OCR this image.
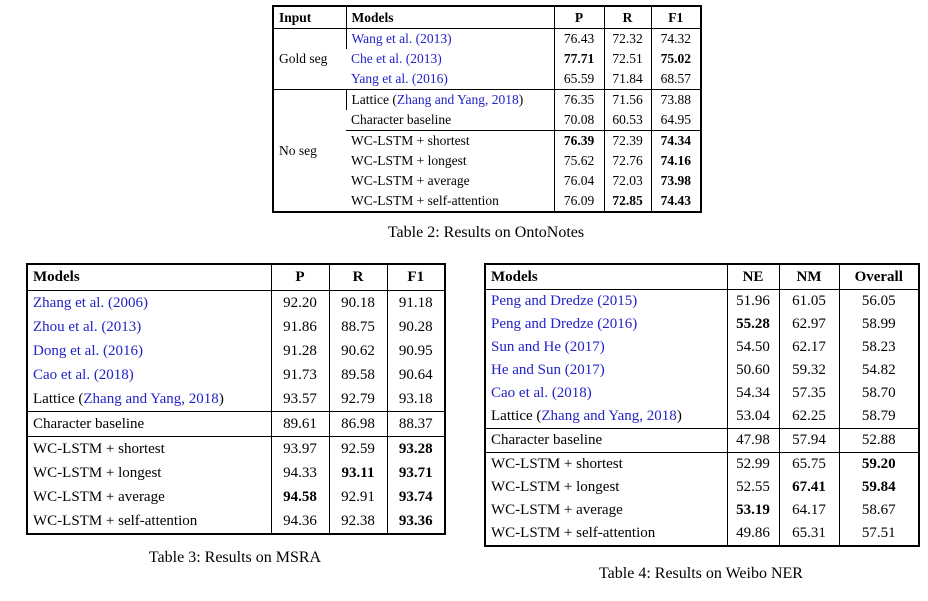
Input	Models	P	R	F1
Gold seg	Wang et al. (2013)	76.43	72.32	74.32
	Che et al. (2013)	77.71	72.51	75.02
	Yang et al. (2016)	65.59	71.84	68.57
No seg	Lattice (Zhang and Yang, 2018)	76.35	71.56	73.88
	Character baseline	70.08	60.53	64.95
	WC-LSTM + shortest	76.39	72.39	74.34
	WC-LSTM + longest	75.62	72.76	74.16
	WC-LSTM + average	76.04	72.03	73.98
	WC-LSTM + self-attention	76.09	72.85	74.43
Table 2: Results on OntoNotes
Models	P	R	F1
Zhang et al. (2006)	92.20	90.18	91.18
Zhou et al. (2013)	91.86	88.75	90.28
Dong et al. (2016)	91.28	90.62	90.95
Cao et al. (2018)	91.73	89.58	90.64
Lattice (Zhang and Yang, 2018)	93.57	92.79	93.18
Character baseline	89.61	86.98	88.37
WC-LSTM + shortest	93.97	92.59	93.28
WC-LSTM + longest	94.33	93.11	93.71
WC-LSTM + average	94.58	92.91	93.74
WC-LSTM + self-attention	94.36	92.38	93.36
Table 3: Results on MSRA
Models	NE	NM	Overall
Peng and Dredze (2015)	51.96	61.05	56.05
Peng and Dredze (2016)	55.28	62.97	58.99
Sun and He (2017)	54.50	62.17	58.23
He and Sun (2017)	50.60	59.32	54.82
Cao et al. (2018)	54.34	57.35	58.70
Lattice (Zhang and Yang, 2018)	53.04	62.25	58.79
Character baseline	47.98	57.94	52.88
WC-LSTM + shortest	52.99	65.75	59.20
WC-LSTM + longest	52.55	67.41	59.84
WC-LSTM + average	53.19	64.17	58.67
WC-LSTM + self-attention	49.86	65.31	57.51
Table 4: Results on Weibo NER
